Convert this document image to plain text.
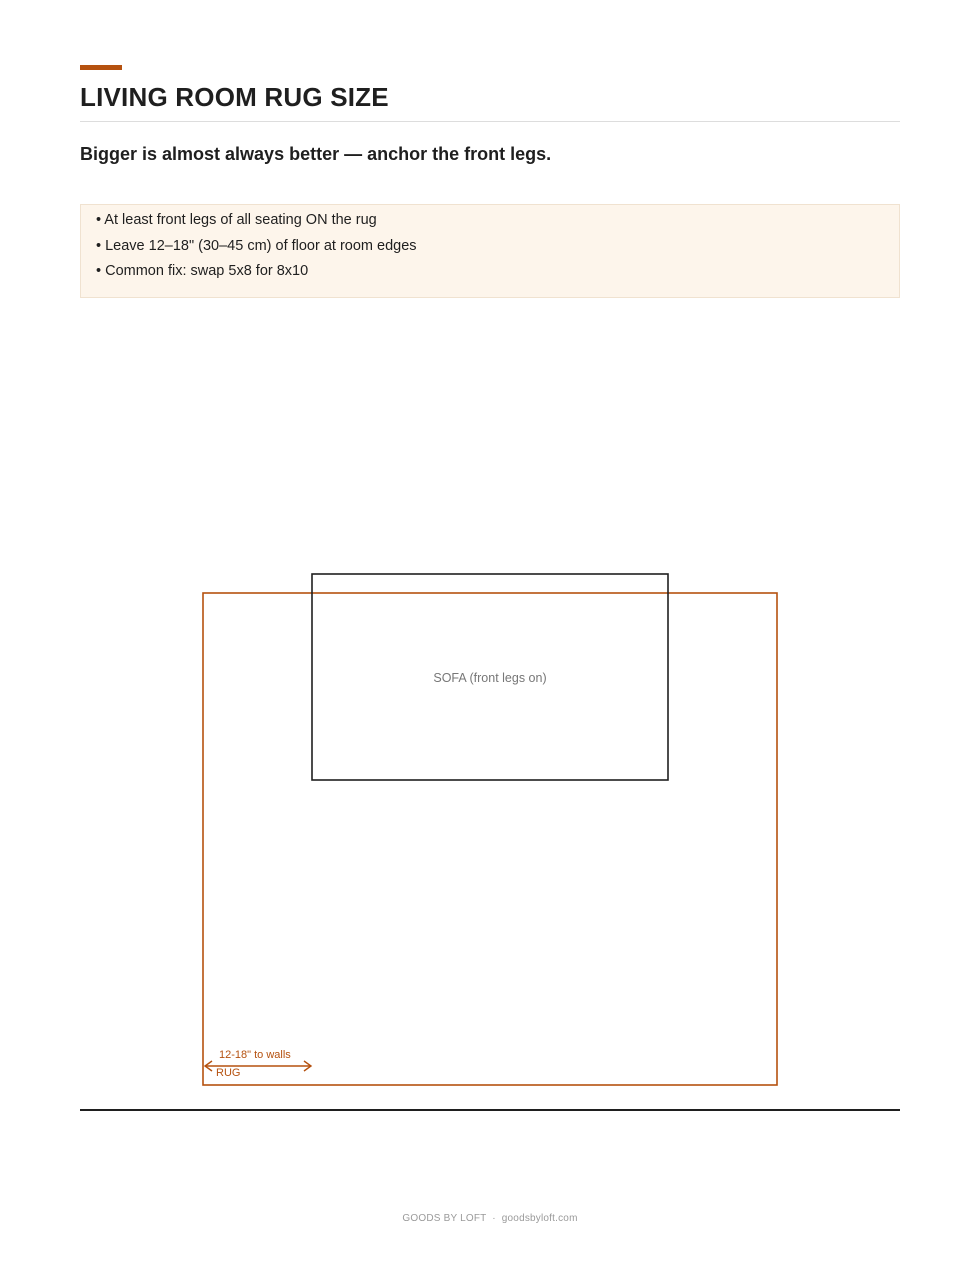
LIVING ROOM RUG SIZE

Bigger is almost always better — anchor the front legs.

• At least front legs of all seating ON the rug
• Leave 12–18" (30–45 cm) of floor at room edges
• Common fix: swap 5x8 for 8x10
SOFA (front legs on)
12-18" to walls
RUG
GOODS BY LOFT · goodsbyloft.com
